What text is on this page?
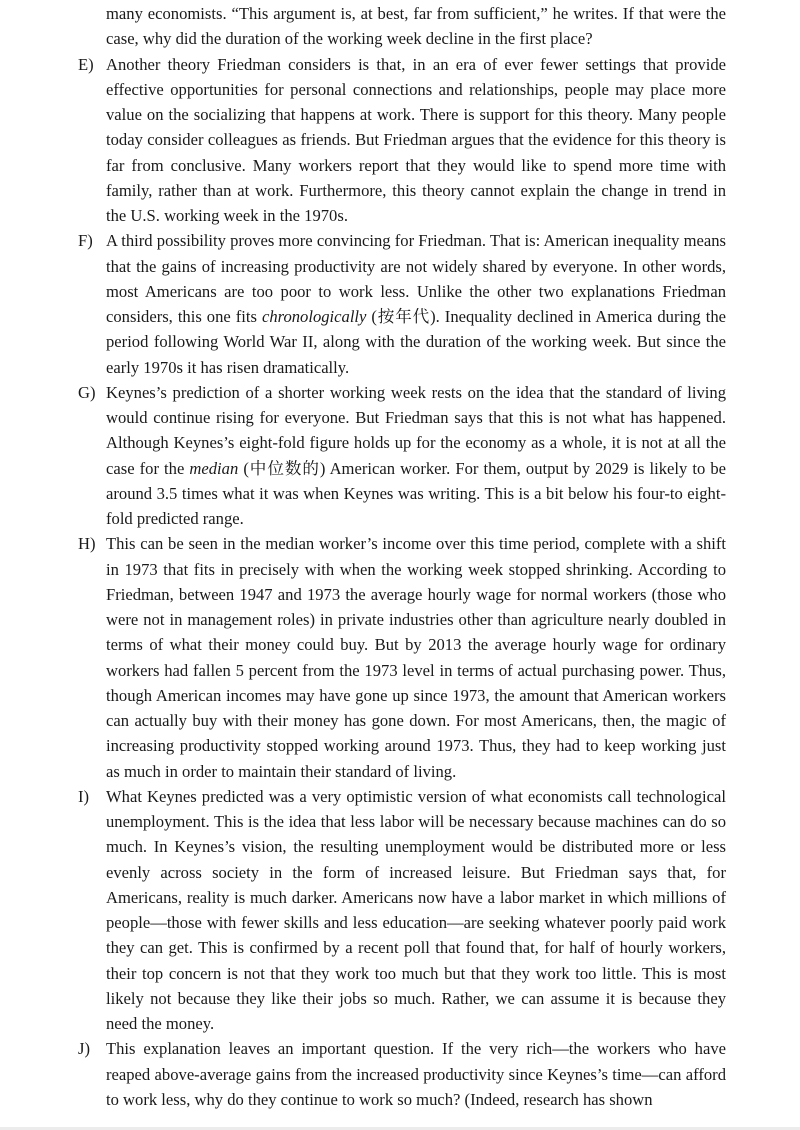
many economists. “This argument is, at best, far from sufficient,” he writes. If that were the case, why did the duration of the working week decline in the first place?

E) Another theory Friedman considers is that, in an era of ever fewer settings that provide effective opportunities for personal connections and relationships, people may place more value on the socializing that happens at work. There is support for this theory. Many people today consider colleagues as friends. But Friedman argues that the evidence for this theory is far from conclusive. Many workers report that they would like to spend more time with family, rather than at work. Furthermore, this theory cannot explain the change in trend in the U.S. working week in the 1970s.

F) A third possibility proves more convincing for Friedman. That is: American inequality means that the gains of increasing productivity are not widely shared by everyone. In other words, most Americans are too poor to work less. Unlike the other two explanations Friedman considers, this one fits chronologically (按年代). Inequality declined in America during the period following World War II, along with the duration of the working week. But since the early 1970s it has risen dramatically.

G) Keynes’s prediction of a shorter working week rests on the idea that the standard of living would continue rising for everyone. But Friedman says that this is not what has happened. Although Keynes’s eight-fold figure holds up for the economy as a whole, it is not at all the case for the median (中位数的) American worker. For them, output by 2029 is likely to be around 3.5 times what it was when Keynes was writing. This is a bit below his four-to eight-fold predicted range.

H) This can be seen in the median worker’s income over this time period, complete with a shift in 1973 that fits in precisely with when the working week stopped shrinking. According to Friedman, between 1947 and 1973 the average hourly wage for normal workers (those who were not in management roles) in private industries other than agriculture nearly doubled in terms of what their money could buy. But by 2013 the average hourly wage for ordinary workers had fallen 5 percent from the 1973 level in terms of actual purchasing power. Thus, though American incomes may have gone up since 1973, the amount that American workers can actually buy with their money has gone down. For most Americans, then, the magic of increasing productivity stopped working around 1973. Thus, they had to keep working just as much in order to maintain their standard of living.

I) What Keynes predicted was a very optimistic version of what economists call technological unemployment. This is the idea that less labor will be necessary because machines can do so much. In Keynes’s vision, the resulting unemployment would be distributed more or less evenly across society in the form of increased leisure. But Friedman says that, for Americans, reality is much darker. Americans now have a labor market in which millions of people—those with fewer skills and less education—are seeking whatever poorly paid work they can get. This is confirmed by a recent poll that found that, for half of hourly workers, their top concern is not that they work too much but that they work too little. This is most likely not because they like their jobs so much. Rather, we can assume it is because they need the money.

J) This explanation leaves an important question. If the very rich—the workers who have reaped above-average gains from the increased productivity since Keynes’s time—can afford to work less, why do they continue to work so much? (Indeed, research has shown
